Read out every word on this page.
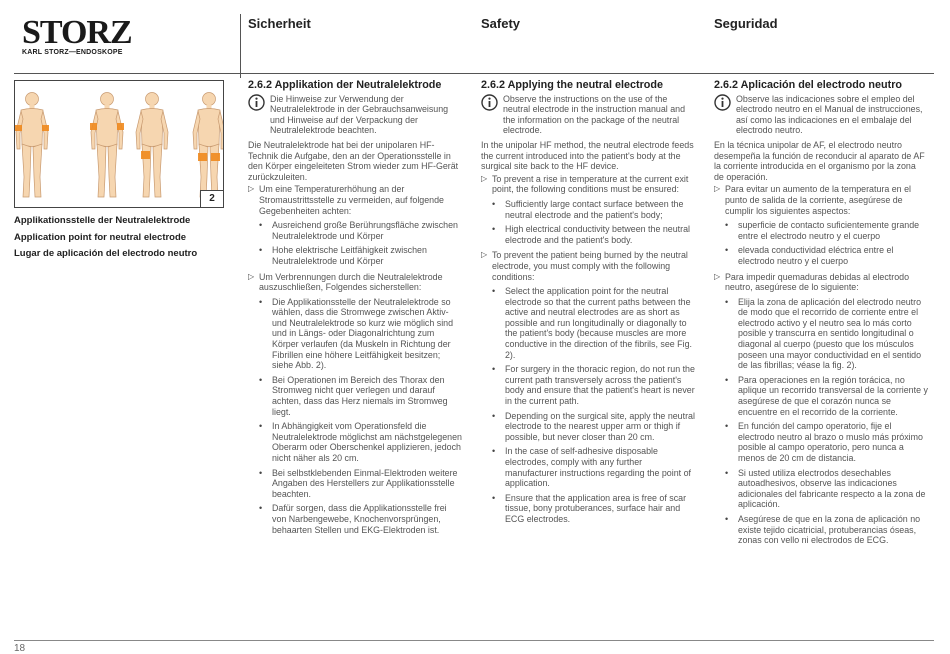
STORZ
KARL STORZ—ENDOSKOPE
Sicherheit	Safety	Seguridad
2
Applikationsstelle der Neutralelektrode
Application point for neutral electrode
Lugar de aplicación del electrodo neutro
2.6.2 Applikation der Neutralelektrode
Die Hinweise zur Verwendung der Neutralelektrode in der Gebrauchsanweisung und Hinweise auf der Verpackung der Neutralelektrode beachten.
Die Neutralelektrode hat bei der unipolaren HF-Technik die Aufgabe, den an der Operationsstelle in den Körper eingeleiteten Strom wieder zum HF-Gerät zurückzuleiten.
▷ Um eine Temperaturerhöhung an der Stromaustrittsstelle zu vermeiden, auf folgende Gegebenheiten achten:
• Ausreichend große Berührungsfläche zwischen Neutralelektrode und Körper
• Hohe elektrische Leitfähigkeit zwischen Neutralelektrode und Körper
▷ Um Verbrennungen durch die Neutralelektrode auszuschließen, Folgendes sicherstellen:
• Die Applikationsstelle der Neutralelektrode so wählen, dass die Stromwege zwischen Aktiv- und Neutralelektrode so kurz wie möglich sind und in Längs- oder Diagonalrichtung zum Körper verlaufen (da Muskeln in Richtung der Fibrillen eine höhere Leitfähigkeit besitzen; siehe Abb. 2).
• Bei Operationen im Bereich des Thorax den Stromweg nicht quer verlegen und darauf achten, dass das Herz niemals im Stromweg liegt.
• In Abhängigkeit vom Operationsfeld die Neutralelektrode möglichst am nächstgelegenen Oberarm oder Oberschenkel applizieren, jedoch nicht näher als 20 cm.
• Bei selbstklebenden Einmal-Elektroden weitere Angaben des Herstellers zur Applikationsstelle beachten.
• Dafür sorgen, dass die Applikationsstelle frei von Narbengewebe, Knochenvorsprüngen, behaarten Stellen und EKG-Elektroden ist.
2.6.2 Applying the neutral electrode
Observe the instructions on the use of the neutral electrode in the instruction manual and the information on the package of the neutral electrode.
In the unipolar HF method, the neutral electrode feeds the current introduced into the patient's body at the surgical site back to the HF device.
▷ To prevent a rise in temperature at the current exit point, the following conditions must be ensured:
• Sufficiently large contact surface between the neutral electrode and the patient's body;
• High electrical conductivity between the neutral electrode and the patient's body.
▷ To prevent the patient being burned by the neutral electrode, you must comply with the following conditions:
• Select the application point for the neutral electrode so that the current paths between the active and neutral electrodes are as short as possible and run longitudinally or diagonally to the patient's body (because muscles are more conductive in the direction of the fibrils, see Fig. 2).
• For surgery in the thoracic region, do not run the current path transversely across the patient's body and ensure that the patient's heart is never in the current path.
• Depending on the surgical site, apply the neutral electrode to the nearest upper arm or thigh if possible, but never closer than 20 cm.
• In the case of self-adhesive disposable electrodes, comply with any further manufacturer instructions regarding the point of application.
• Ensure that the application area is free of scar tissue, bony protuberances, surface hair and ECG electrodes.
2.6.2 Aplicación del electrodo neutro
Observe las indicaciones sobre el empleo del electrodo neutro en el Manual de instrucciones, así como las indicaciones en el embalaje del electrodo neutro.
En la técnica unipolar de AF, el electrodo neutro desempeña la función de reconducir al aparato de AF la corriente introducida en el organismo por la zona de operación.
▷ Para evitar un aumento de la temperatura en el punto de salida de la corriente, asegúrese de cumplir los siguientes aspectos:
• superficie de contacto suficientemente grande entre el electrodo neutro y el cuerpo
• elevada conductividad eléctrica entre el electrodo neutro y el cuerpo
▷ Para impedir quemaduras debidas al electrodo neutro, asegúrese de lo siguiente:
• Elija la zona de aplicación del electrodo neutro de modo que el recorrido de corriente entre el electrodo activo y el neutro sea lo más corto posible y transcurra en sentido longitudinal o diagonal al cuerpo (puesto que los músculos poseen una mayor conductividad en el sentido de las fibrillas; véase la fig. 2).
• Para operaciones en la región torácica, no aplique un recorrido transversal de la corriente y asegúrese de que el corazón nunca se encuentre en el recorrido de la corriente.
• En función del campo operatorio, fije el electrodo neutro al brazo o muslo más próximo posible al campo operatorio, pero nunca a menos de 20 cm de distancia.
• Si usted utiliza electrodos desechables autoadhesivos, observe las indicaciones adicionales del fabricante respecto a la zona de aplicación.
• Asegúrese de que en la zona de aplicación no existe tejido cicatricial, protuberancias óseas, zonas con vello ni electrodos de ECG.
18
